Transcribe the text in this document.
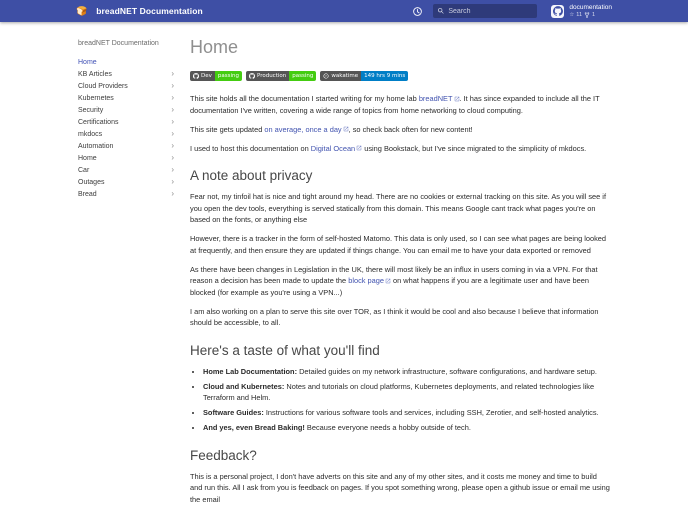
🍞 breadNET Documentation
Search	documentation
☆ 11 1
breadNET Documentation
Home
KB Articles	›
Cloud Providers	›
Kubernetes	›
Security	›
Certifications	›
mkdocs	›
Automation	›
Home	›
Car	›
Outages	›
Bread	›
Home
Dev	passing	Production	passing	wakatime	149 hrs 9 mins

This site holds all the documentation I started writing for my home lab breadNET . It has since expanded to include all the IT documentation I've written, covering a wide range of topics from home networking to cloud computing.

This site gets updated on average, once a day , so check back often for new content!

I used to host this documentation on Digital Ocean using Bookstack, but I've since migrated to the simplicity of mkdocs.

A note about privacy

Fear not, my tinfoil hat is nice and tight around my head. There are no cookies or external tracking on this site. As you will see if you open the dev tools, everything is served statically from this domain. This means Google cant track what pages you're on based on the fonts, or anything else

However, there is a tracker in the form of self-hosted Matomo. This data is only used, so I can see what pages are being looked at frequently, and then ensure they are updated if things change. You can email me to have your data exported or removed

As there have been changes in Legislation in the UK, there will most likely be an influx in users coming in via a VPN. For that reason a decision has been made to update the block page on what happens if you are a legitimate user and have been blocked (for example as you're using a VPN...)

I am also working on a plan to serve this site over TOR, as I think it would be cool and also because I believe that information should be accessible, to all.

Here's a taste of what you'll find
• Home Lab Documentation: Detailed guides on my network infrastructure, software configurations, and hardware setup.
• Cloud and Kubernetes: Notes and tutorials on cloud platforms, Kubernetes deployments, and related technologies like Terraform and Helm.
• Software Guides: Instructions for various software tools and services, including SSH, Zerotier, and self-hosted analytics.
• And yes, even Bread Baking! Because everyone needs a hobby outside of tech.
Feedback?

This is a personal project, I don't have adverts on this site and any of my other sites, and it costs me money and time to build and run this. All I ask from you is feedback on pages. If you spot something wrong, please open a github issue or email me using the email
